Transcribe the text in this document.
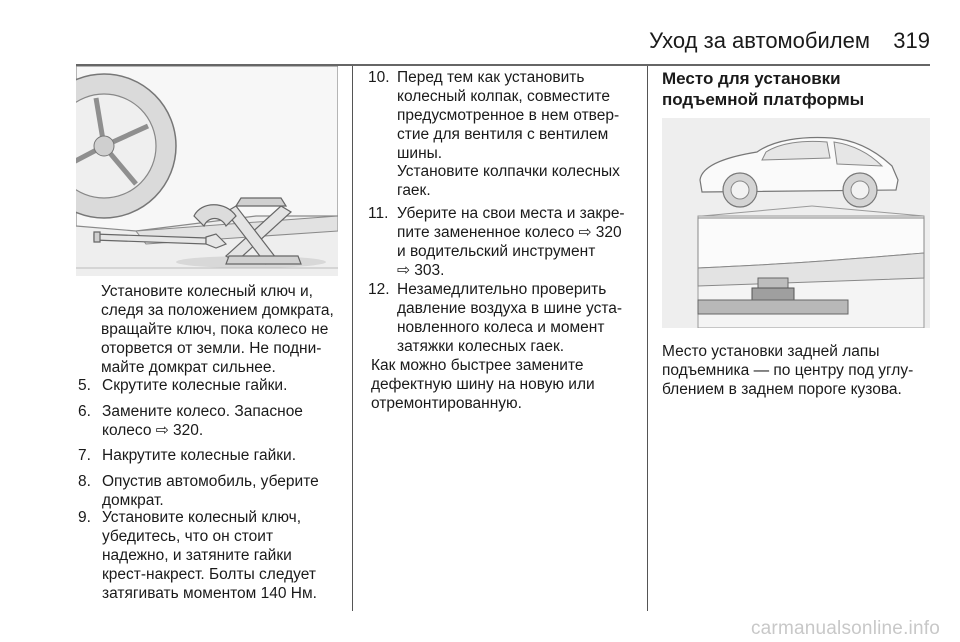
Уход за автомобилем	319
Установите колесный ключ и,
следя за положением домкрата,
вращайте ключ, пока колесо не
оторвется от земли. Не подни-
майте домкрат сильнее.
5. Скрутите колесные гайки.
6. Замените колесо. Запасное
колесо ⇨ 320.
7. Накрутите колесные гайки.
8. Опустив автомобиль, уберите
домкрат.
9. Установите колесный ключ,
убедитесь, что он стоит
надежно, и затяните гайки
крест-накрест. Болты следует
затягивать моментом 140 Нм.
10. Перед тем как установить
колесный колпак, совместите
предусмотренное в нем отвер-
стие для вентиля с вентилем
шины.
Установите колпачки колесных
гаек.
11. Уберите на свои места и закре-
пите замененное колесо ⇨ 320
и водительский инструмент
⇨ 303.
12. Незамедлительно проверить
давление воздуха в шине уста-
новленного колеса и момент
затяжки колесных гаек.
Как можно быстрее замените
дефектную шину на новую или
отремонтированную.
Место для установки
подъемной платформы
Место установки задней лапы
подъемника — по центру под углу-
блением в заднем пороге кузова.
carmanualsonline.info
